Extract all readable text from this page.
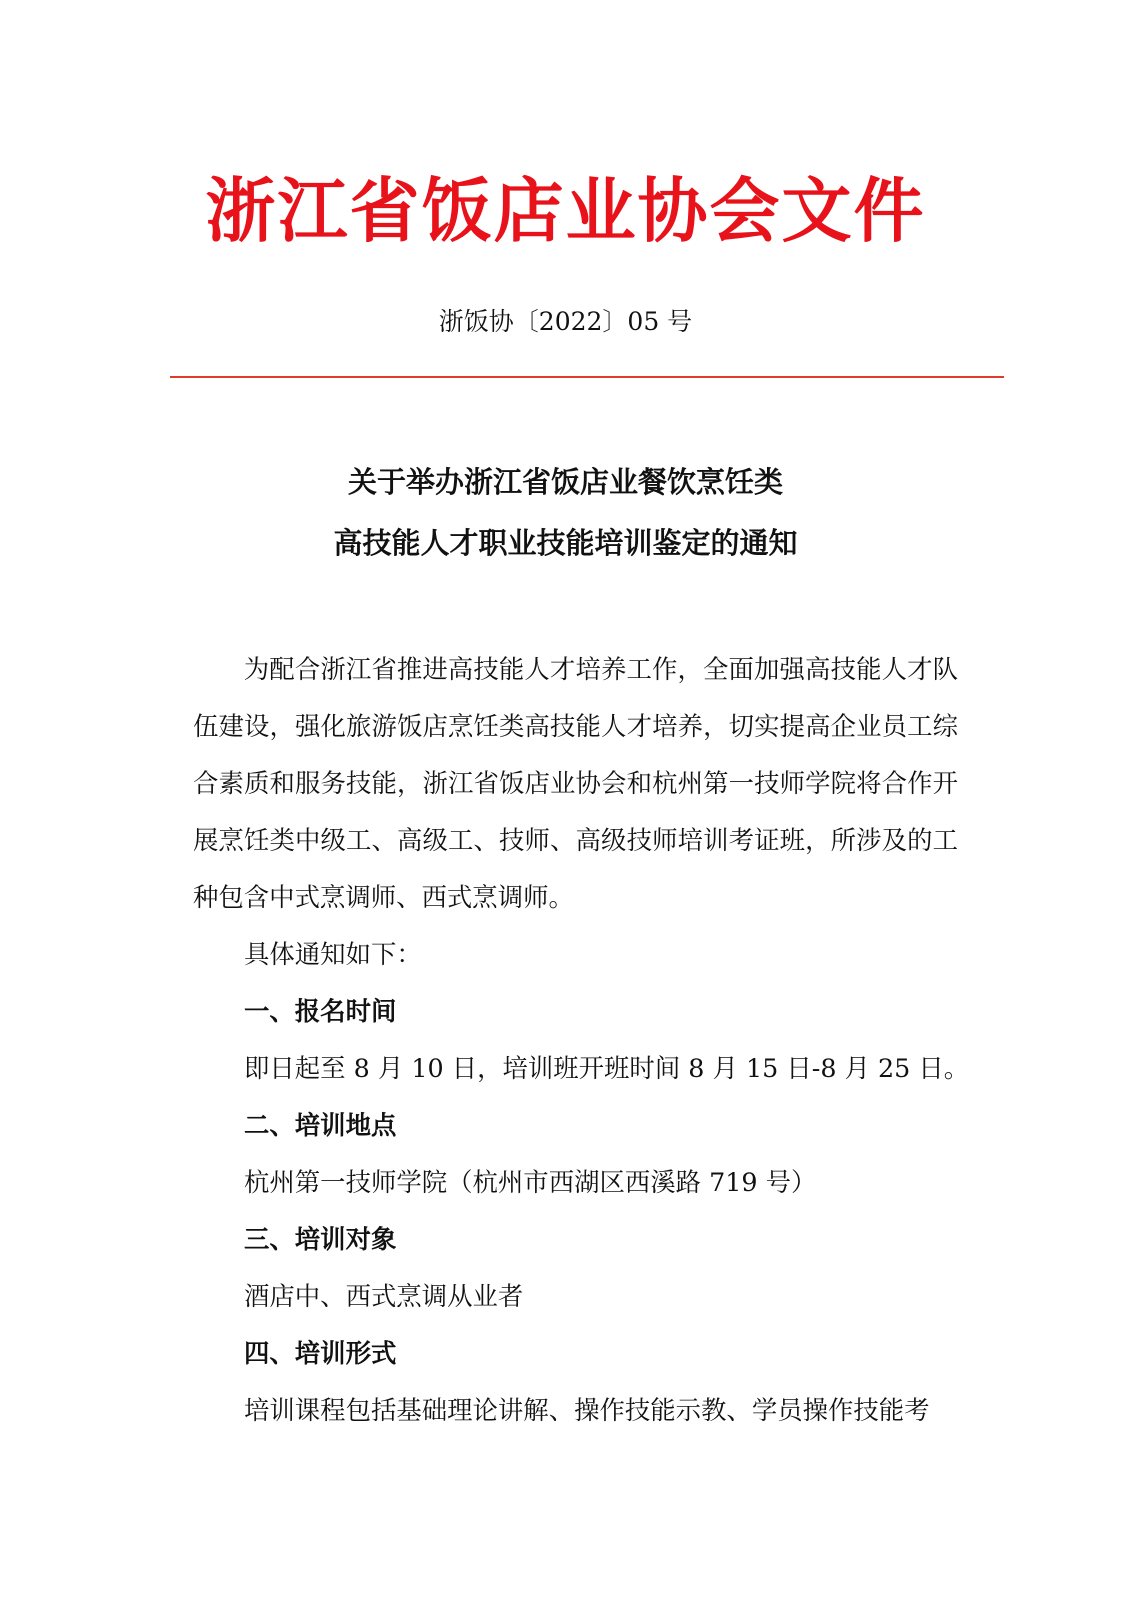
浙江省饭店业协会文件
浙饭协〔2022〕05 号
关于举办浙江省饭店业餐饮烹饪类
高技能人才职业技能培训鉴定的通知

为配合浙江省推进高技能人才培养工作，全面加强高技能人才队伍建设，强化旅游饭店烹饪类高技能人才培养，切实提高企业员工综合素质和服务技能，浙江省饭店业协会和杭州第一技师学院将合作开展烹饪类中级工、高级工、技师、高级技师培训考证班，所涉及的工种包含中式烹调师、西式烹调师。

具体通知如下：

一、报名时间

即日起至 8 月 10 日，培训班开班时间 8 月 15 日-8 月 25 日。

二、培训地点

杭州第一技师学院（杭州市西湖区西溪路 719 号）

三、培训对象

酒店中、西式烹调从业者

四、培训形式

培训课程包括基础理论讲解、操作技能示教、学员操作技能考
